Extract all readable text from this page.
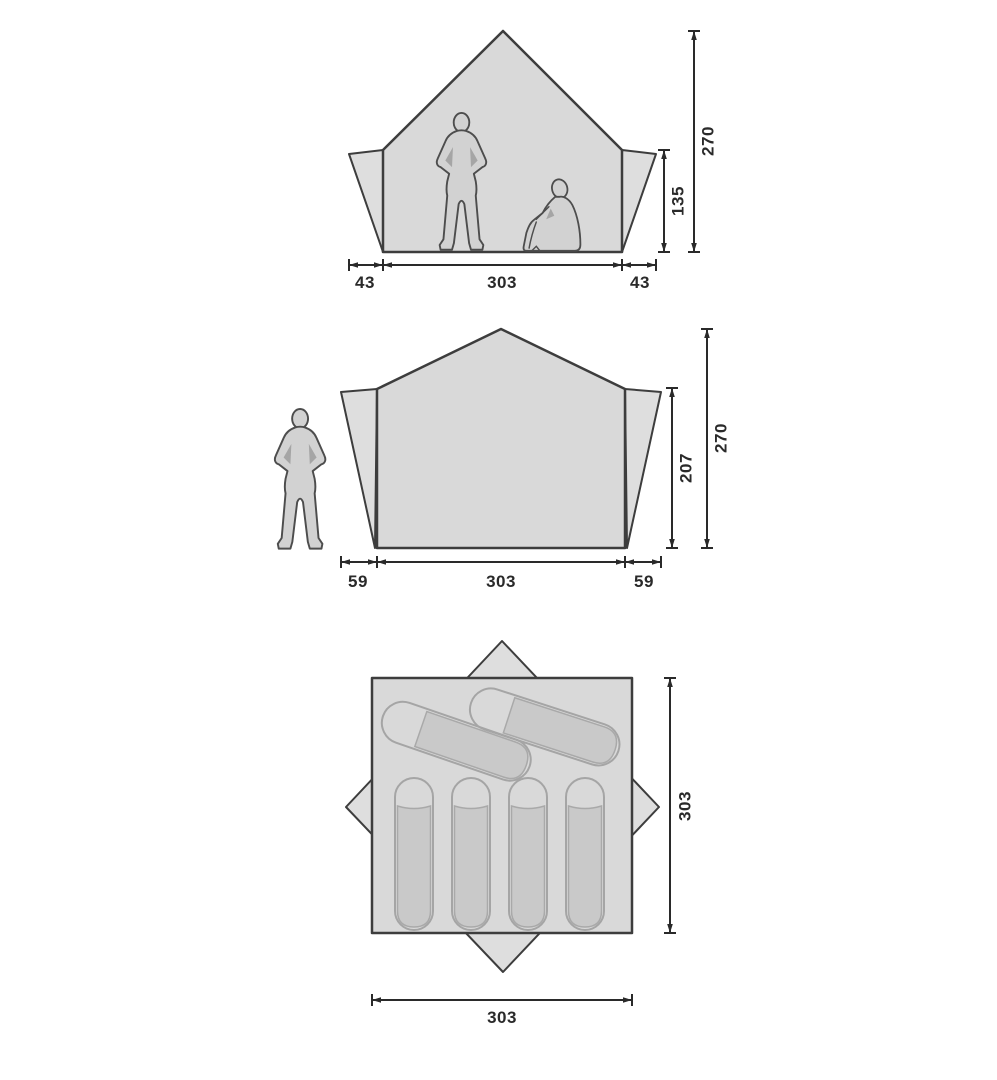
135
270
43	303	43
207
270
59	303	59
303
303
